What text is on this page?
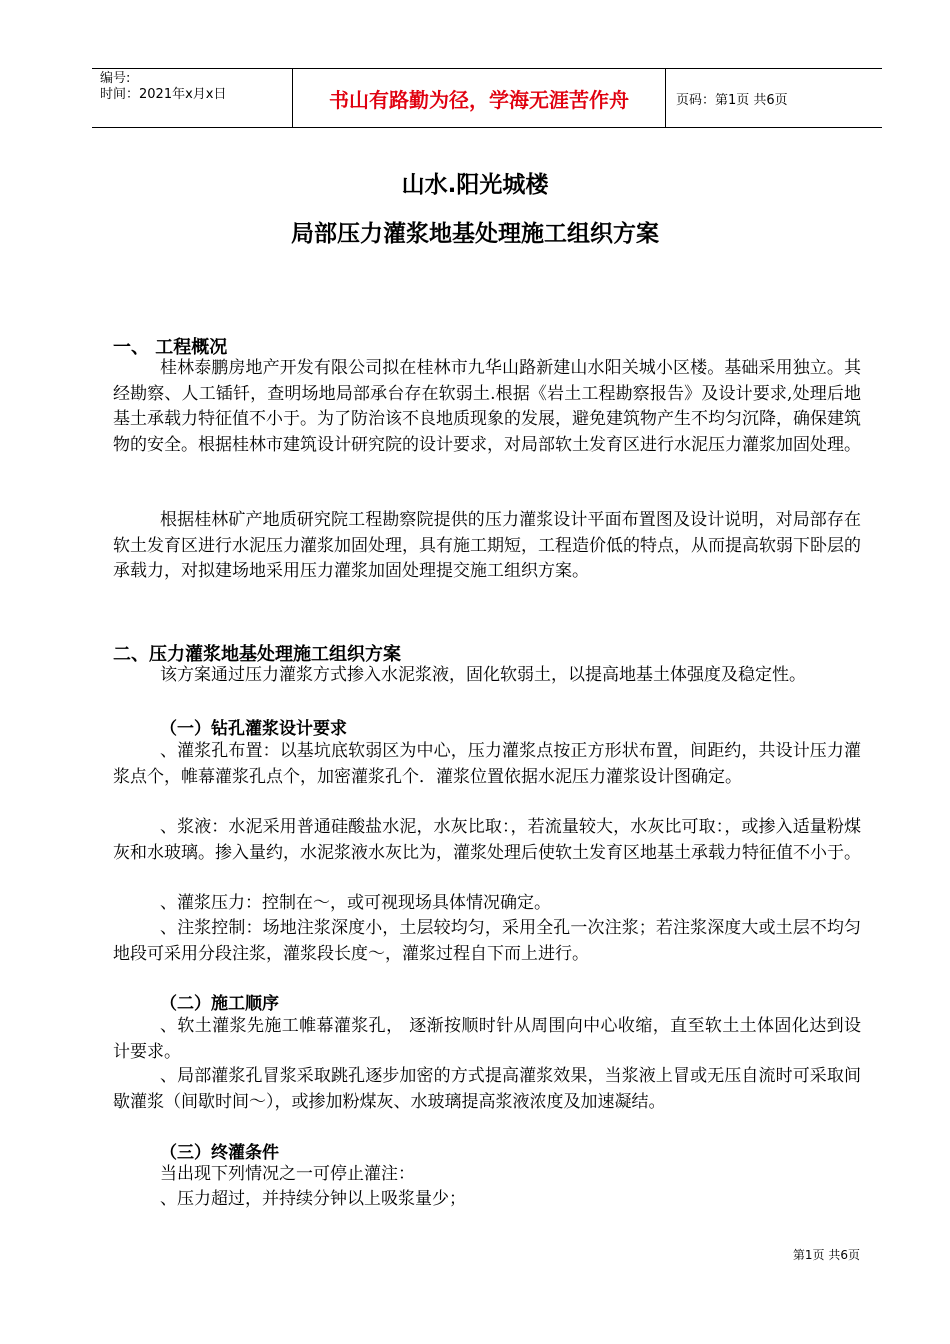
编号:
时间：2021年x月x日	书山有路勤为径，学海无涯苦作舟	页码：第1页 共6页
山水.阳光城楼
局部压力灌浆地基处理施工组织方案
一、 工程概况
桂林泰鹏房地产开发有限公司拟在桂林市九华山路新建山水阳关城小区楼。基础采用独立。其经勘察、人工锸钎，查明场地局部承台存在软弱土.根据《岩土工程勘察报告》及设计要求,处理后地基土承载力特征值不小于。为了防治该不良地质现象的发展，避免建筑物产生不均匀沉降，确保建筑物的安全。根据桂林市建筑设计研究院的设计要求，对局部软土发育区进行水泥压力灌浆加固处理。
根据桂林矿产地质研究院工程勘察院提供的压力灌浆设计平面布置图及设计说明，对局部存在软土发育区进行水泥压力灌浆加固处理，具有施工期短，工程造价低的特点，从而提高软弱下卧层的承载力，对拟建场地采用压力灌浆加固处理提交施工组织方案。
二、压力灌浆地基处理施工组织方案
该方案通过压力灌浆方式掺入水泥浆液，固化软弱土，以提高地基土体强度及稳定性。
（一）钻孔灌浆设计要求
、灌浆孔布置：以基坑底软弱区为中心，压力灌浆点按正方形状布置，间距约，共设计压力灌浆点个，帷幕灌浆孔点个，加密灌浆孔个．灌浆位置依据水泥压力灌浆设计图确定。
、浆液：水泥采用普通硅酸盐水泥，水灰比取：，若流量较大，水灰比可取：，或掺入适量粉煤灰和水玻璃。掺入量约，水泥浆液水灰比为，灌浆处理后使软土发育区地基土承载力特征值不小于。
、灌浆压力：控制在～，或可视现场具体情况确定。
、注浆控制：场地注浆深度小，土层较均匀，采用全孔一次注浆；若注浆深度大或土层不均匀地段可采用分段注浆，灌浆段长度～，灌浆过程自下而上进行。
（二）施工顺序
、软土灌浆先施工帷幕灌浆孔， 逐渐按顺时针从周围向中心收缩，直至软土土体固化达到设计要求。
、局部灌浆孔冒浆采取跳孔逐步加密的方式提高灌浆效果，当浆液上冒或无压自流时可采取间歇灌浆（间歇时间～），或掺加粉煤灰、水玻璃提高浆液浓度及加速凝结。
（三）终灌条件
当出现下列情况之一可停止灌注：
、压力超过，并持续分钟以上吸浆量少；
第1页 共6页
